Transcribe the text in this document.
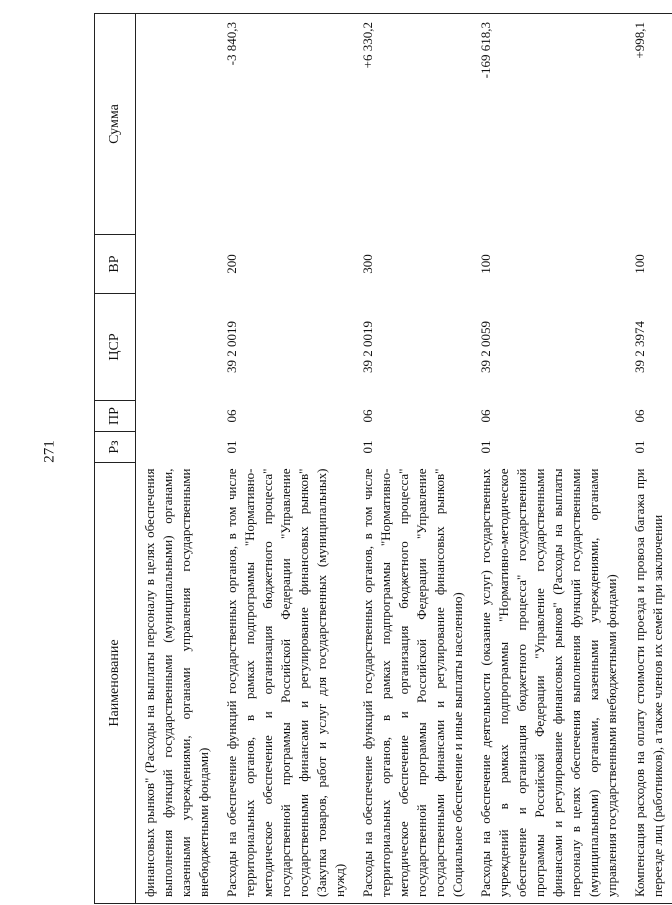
271
Наименование	Рз	ПР	ЦСР	ВР	Сумма
финансовых рынков" (Расходы на выплаты персоналу в целях обеспечения выполнения функций государственными (муниципальными) органами, казенными учреждениями, органами управления государственными внебюджетными фондами)					
Расходы на обеспечение функций государственных органов, в том числе территориальных органов, в рамках подпрограммы "Нормативно-методическое обеспечение и организация бюджетного процесса" государственной программы Российской Федерации "Управление государственными финансами и регулирование финансовых рынков" (Закупка товаров, работ и услуг для государственных (муниципальных) нужд)	01	06	39 2 0019	200	-3 840,3
Расходы на обеспечение функций государственных органов, в том числе территориальных органов, в рамках подпрограммы "Нормативно-методическое обеспечение и организация бюджетного процесса" государственной программы Российской Федерации "Управление государственными финансами и регулирование финансовых рынков" (Социальное обеспечение и иные выплаты населению)	01	06	39 2 0019	300	+6 330,2
Расходы на обеспечение деятельности (оказание услуг) государственных учреждений в рамках подпрограммы "Нормативно-методическое обеспечение и организация бюджетного процесса" государственной программы Российской Федерации "Управление государственными финансами и регулирование финансовых рынков" (Расходы на выплаты персоналу в целях обеспечения выполнения функций государственными (муниципальными) органами, казенными учреждениями, органами управления государственными внебюджетными фондами)	01	06	39 2 0059	100	-169 618,3
Компенсация расходов на оплату стоимости проезда и провоза багажа при переезде лиц (работников), а также членов их семей при заключении	01	06	39 2 3974	100	+998,1
